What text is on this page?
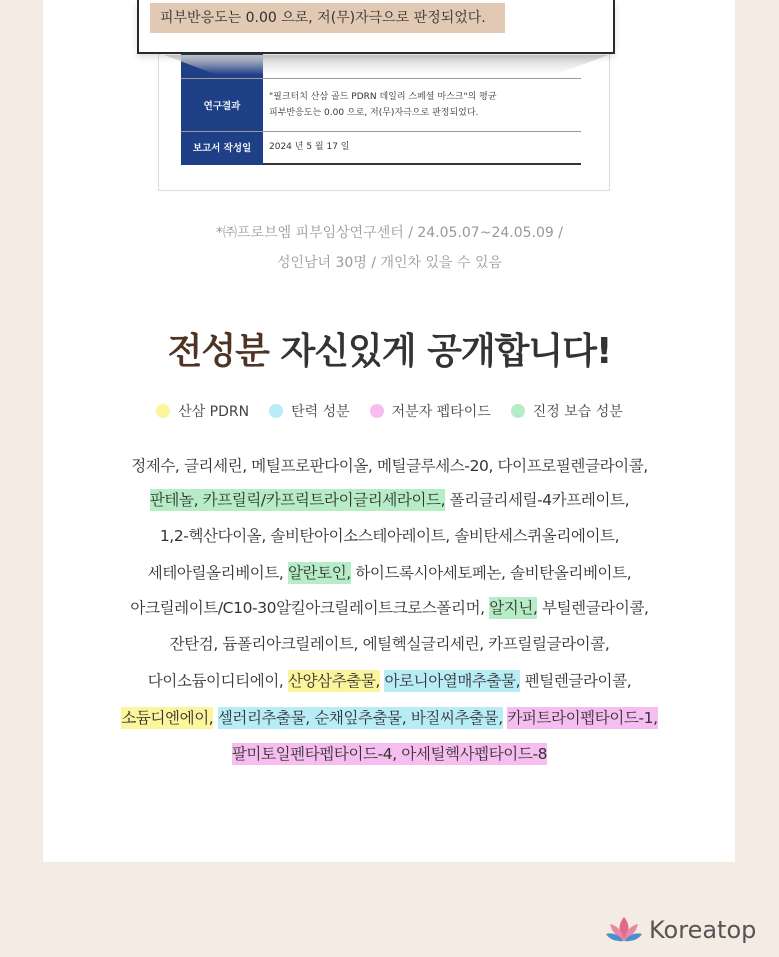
연구결과	"필크터치 산삼 골드 PDRN 데일리 스페셜 마스크"의 평균
피부반응도는 0.00 으로, 저(무)자극으로 판정되었다.

보고서 작성일	2024 년 5 월 17 일
피부반응도는 0.00 으로, 저(무)자극으로 판정되었다.
*㈜프로브엠 피부임상연구센터 / 24.05.07~24.05.09 /
성인남녀 30명 / 개인차 있을 수 있음
전성분 자신있게 공개합니다!
산삼 PDRN	탄력 성분	저분자 펩타이드	진정 보습 성분
정제수, 글리세린, 메틸프로판다이올, 메틸글루세스-20, 다이프로필렌글라이콜,
판테놀, 카프릴릭/카프릭트라이글리세라이드, 폴리글리세릴-4카프레이트,
1,2-헥산다이올, 솔비탄아이소스테아레이트, 솔비탄세스퀴올리에이트,
세테아릴올리베이트, 알란토인, 하이드록시아세토페논, 솔비탄올리베이트,
아크릴레이트/C10-30알킬아크릴레이트크로스폴리머, 알지닌, 부틸렌글라이콜,
잔탄검, 듐폴리아크릴레이트, 에틸헥실글리세린, 카프릴릴글라이콜,
다이소듐이디티에이, 산양삼추출물, 아로니아열매추출물, 펜틸렌글라이콜,
소듐디엔에이, 셀러리추출물, 순채잎추출물, 바질씨추출물, 카퍼트라이펩타이드-1,
팔미토일펜타펩타이드-4, 아세틸헥사펩타이드-8
Koreatop
